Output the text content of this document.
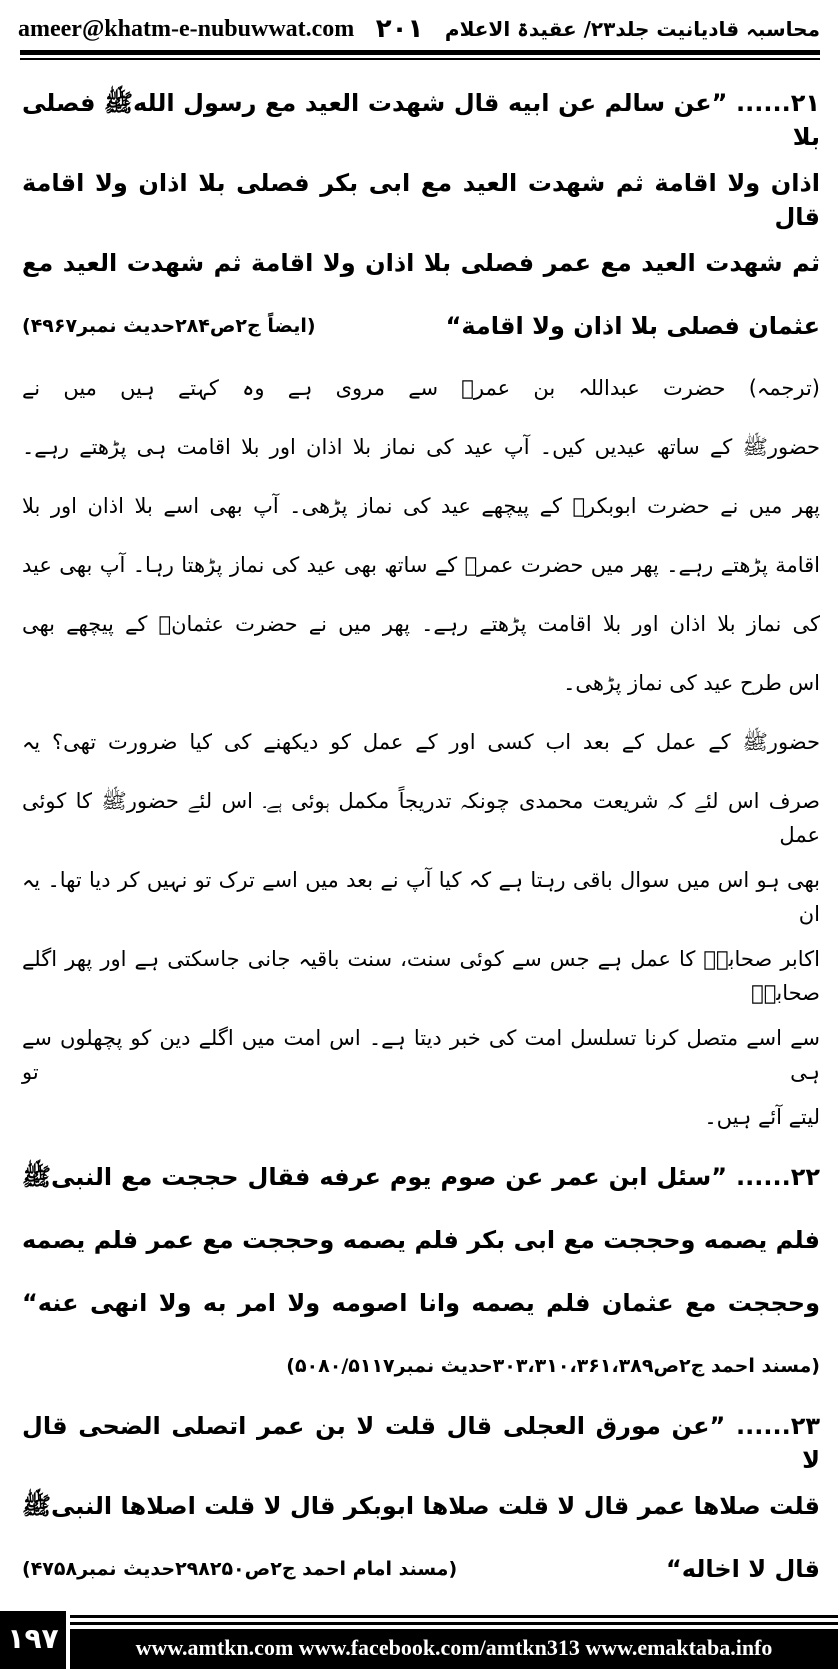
ameer@khatm-e-nubuwwat.com ۲۰۱ محاسبہ قادیانیت جلد۲۳/ عقیدۃ الاعلام
۲۱...... ”عن سالم عن ابیه قال شهدت العید مع رسول اللهﷺ فصلی بلا
اذان ولا اقامة ثم شهدت العید مع ابی بکر فصلی بلا اذان ولا اقامة قال
ثم شهدت العید مع عمر فصلی بلا اذان ولا اقامة ثم شهدت العید مع
عثمان فصلی بلا اذان ولا اقامة“
(ایضاً ج۲ص۲۸۴حدیث نمبر۴۹۶۷)
(ترجمہ) حضرت عبداللہ بن عمرؓ سے مروی ہے وہ کہتے ہیں میں نے
حضورﷺ کے ساتھ عیدیں کیں۔ آپ عید کی نماز بلا اذان اور بلا اقامت ہی پڑھتے رہے۔
پھر میں نے حضرت ابوبکرؓ کے پیچھے عید کی نماز پڑھی۔ آپ بھی اسے بلا اذان اور بلا
اقامة پڑھتے رہے۔ پھر میں حضرت عمرؓ کے ساتھ بھی عید کی نماز پڑھتا رہا۔ آپ بھی عید
کی نماز بلا اذان اور بلا اقامت پڑھتے رہے۔ پھر میں نے حضرت عثمانؓ کے پیچھے بھی
اس طرح عید کی نماز پڑھی۔
حضورﷺ کے عمل کے بعد اب کسی اور کے عمل کو دیکھنے کی کیا ضرورت تھی؟ یہ
صرف اس لئے کہ شریعت محمدی چونکہ تدریجاً مکمل ہوئی ہے۔ اس لئے حضورﷺ کا کوئی عمل
بھی ہو اس میں سوال باقی رہتا ہے کہ کیا آپ نے بعد میں اسے ترک تو نہیں کر دیا تھا۔ یہ ان
اکابر صحابہؓ کا عمل ہے جس سے کوئی سنت، سنت باقیہ جانی جاسکتی ہے اور پھر اگلے صحابہؓ
سے اسے متصل کرنا تسلسل امت کی خبر دیتا ہے۔ اس امت میں اگلے دین کو پچھلوں سے ہی تو
لیتے آئے ہیں۔
۲۲...... ”سئل ابن عمر عن صوم یوم عرفه فقال حججت مع النبیﷺ
فلم یصمه وحججت مع ابی بکر فلم یصمه وحججت مع عمر فلم یصمه
وحججت مع عثمان فلم یصمه وانا اصومه ولا امر به ولا انهی عنه“
(مسند احمد ج۲ص۳۰۳،۳۱۰،۳۶۱،۳۸۹حدیث نمبر۵۰۸۰/۵۱۱۷)
۲۳...... ”عن مورق العجلی قال قلت لا بن عمر اتصلی الضحی قال لا
قلت صلاها عمر قال لا قلت صلاها ابوبکر قال لا قلت اصلاها النبیﷺ
قال لا اخاله“
(مسند امام احمد ج۲ص۲۹۸۲۵۰حدیث نمبر۴۷۵۸)
۱۹۷	www.amtkn.com www.facebook.com/amtkn313 www.emaktaba.info
